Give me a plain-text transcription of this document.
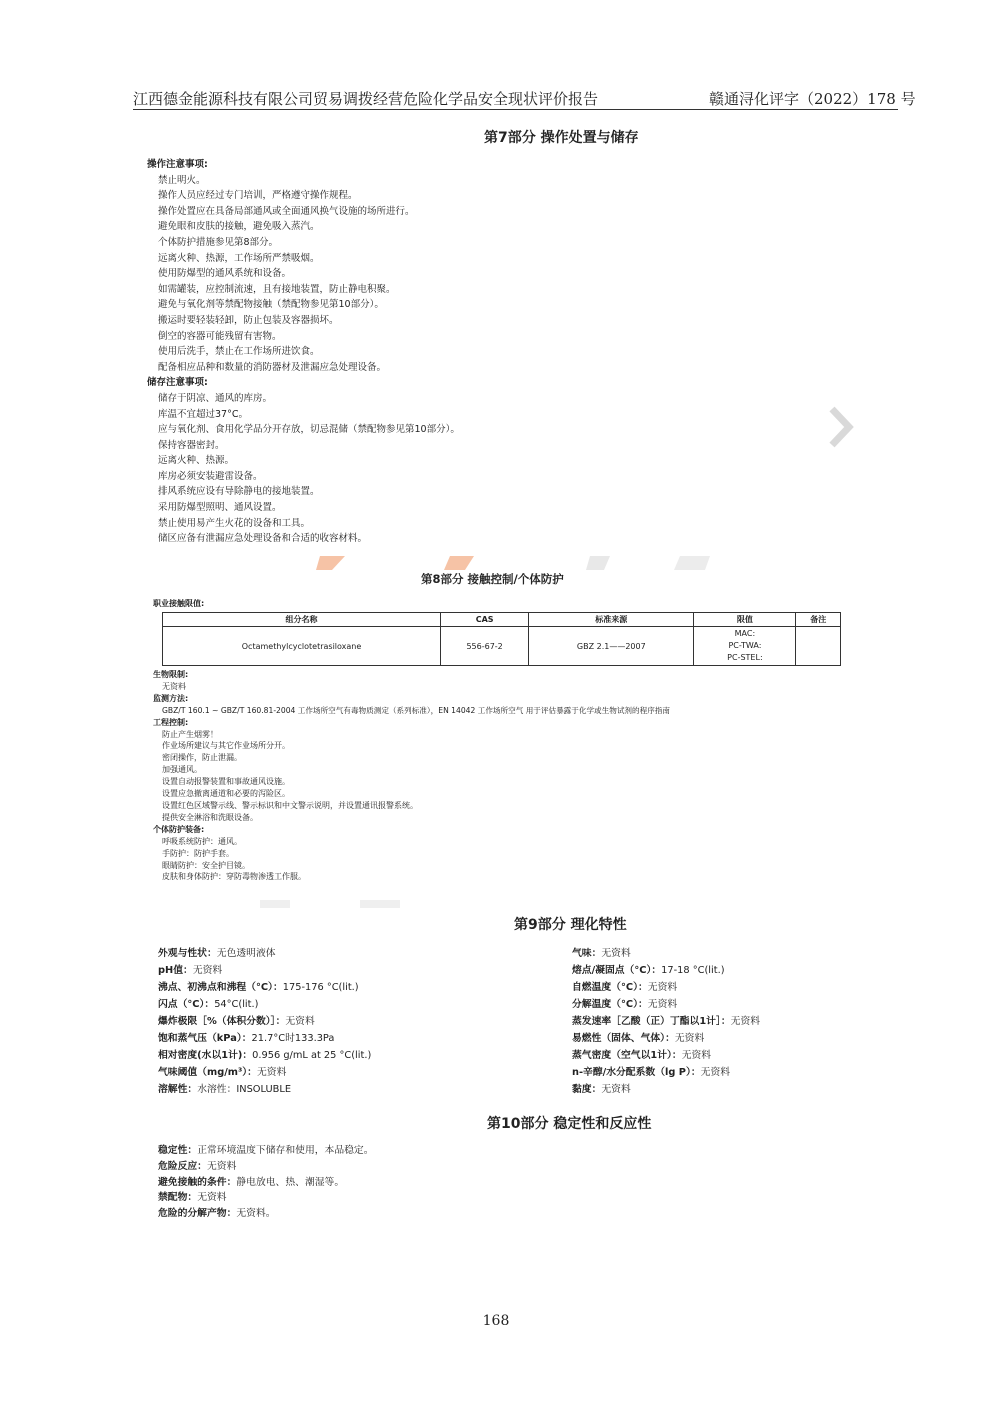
江西德金能源科技有限公司贸易调拨经营危险化学品安全现状评价报告	赣通浔化评字（2022）178 号
第7部分 操作处置与储存
操作注意事项:
禁止明火。
操作人员应经过专门培训，严格遵守操作规程。
操作处置应在具备局部通风或全面通风换气设施的场所进行。
避免眼和皮肤的接触，避免吸入蒸汽。
个体防护措施参见第8部分。
远离火种、热源，工作场所严禁吸烟。
使用防爆型的通风系统和设备。
如需罐装，应控制流速，且有接地装置，防止静电积聚。
避免与氧化剂等禁配物接触（禁配物参见第10部分）。
搬运时要轻装轻卸，防止包装及容器损坏。
倒空的容器可能残留有害物。
使用后洗手，禁止在工作场所进饮食。
配备相应品种和数量的消防器材及泄漏应急处理设备。
储存注意事项:
储存于阴凉、通风的库房。
库温不宜超过37°C。
应与氧化剂、食用化学品分开存放，切忌混储（禁配物参见第10部分）。
保持容器密封。
远离火种、热源。
库房必须安装避雷设备。
排风系统应设有导除静电的接地装置。
采用防爆型照明、通风设置。
禁止使用易产生火花的设备和工具。
储区应备有泄漏应急处理设备和合适的收容材料。
第8部分 接触控制/个体防护
职业接触限值:
组分名称	CAS	标准来源	限值	备注
Octamethylcyclotetrasiloxane	556-67-2	GBZ 2.1——2007	MAC:
PC-TWA:
PC-STEL:	

生物限制:
无资料
监测方法:
GBZ/T 160.1 ~ GBZ/T 160.81-2004 工作场所空气有毒物质测定（系列标准），EN 14042 工作场所空气 用于评估暴露于化学或生物试剂的程序指南
工程控制:
防止产生烟雾！
作业场所建议与其它作业场所分开。
密闭操作，防止泄漏。
加强通风。
设置自动报警装置和事故通风设施。
设置应急撤离通道和必要的泻险区。
设置红色区域警示线、警示标识和中文警示说明，并设置通讯报警系统。
提供安全淋浴和洗眼设备。
个体防护装备:
呼吸系统防护：通风。
手防护：防护手套。
眼睛防护：安全护目镜。
皮肤和身体防护：穿防毒物渗透工作服。
第9部分 理化特性
外观与性状：无色透明液体
pH值：无资料
沸点、初沸点和沸程（°C）：175-176 °C(lit.)
闪点（°C）：54°C(lit.)
爆炸极限［%（体积分数）］：无资料
饱和蒸气压（kPa）：21.7°C时133.3Pa
相对密度(水以1计)：0.956 g/mL at 25 °C(lit.)
气味阈值（mg/m³）：无资料
溶解性：水溶性：INSOLUBLE
气味：无资料
熔点/凝固点（°C）：17-18 °C(lit.)
自燃温度（°C）：无资料
分解温度（°C）：无资料
蒸发速率［乙酸（正）丁酯以1计］：无资料
易燃性（固体、气体）：无资料
蒸气密度（空气以1计）：无资料
n-辛醇/水分配系数（lg P）：无资料
黏度：无资料
第10部分 稳定性和反应性
稳定性：正常环境温度下储存和使用，本品稳定。
危险反应：无资料
避免接触的条件：静电放电、热、潮湿等。
禁配物：无资料
危险的分解产物：无资料。
168
